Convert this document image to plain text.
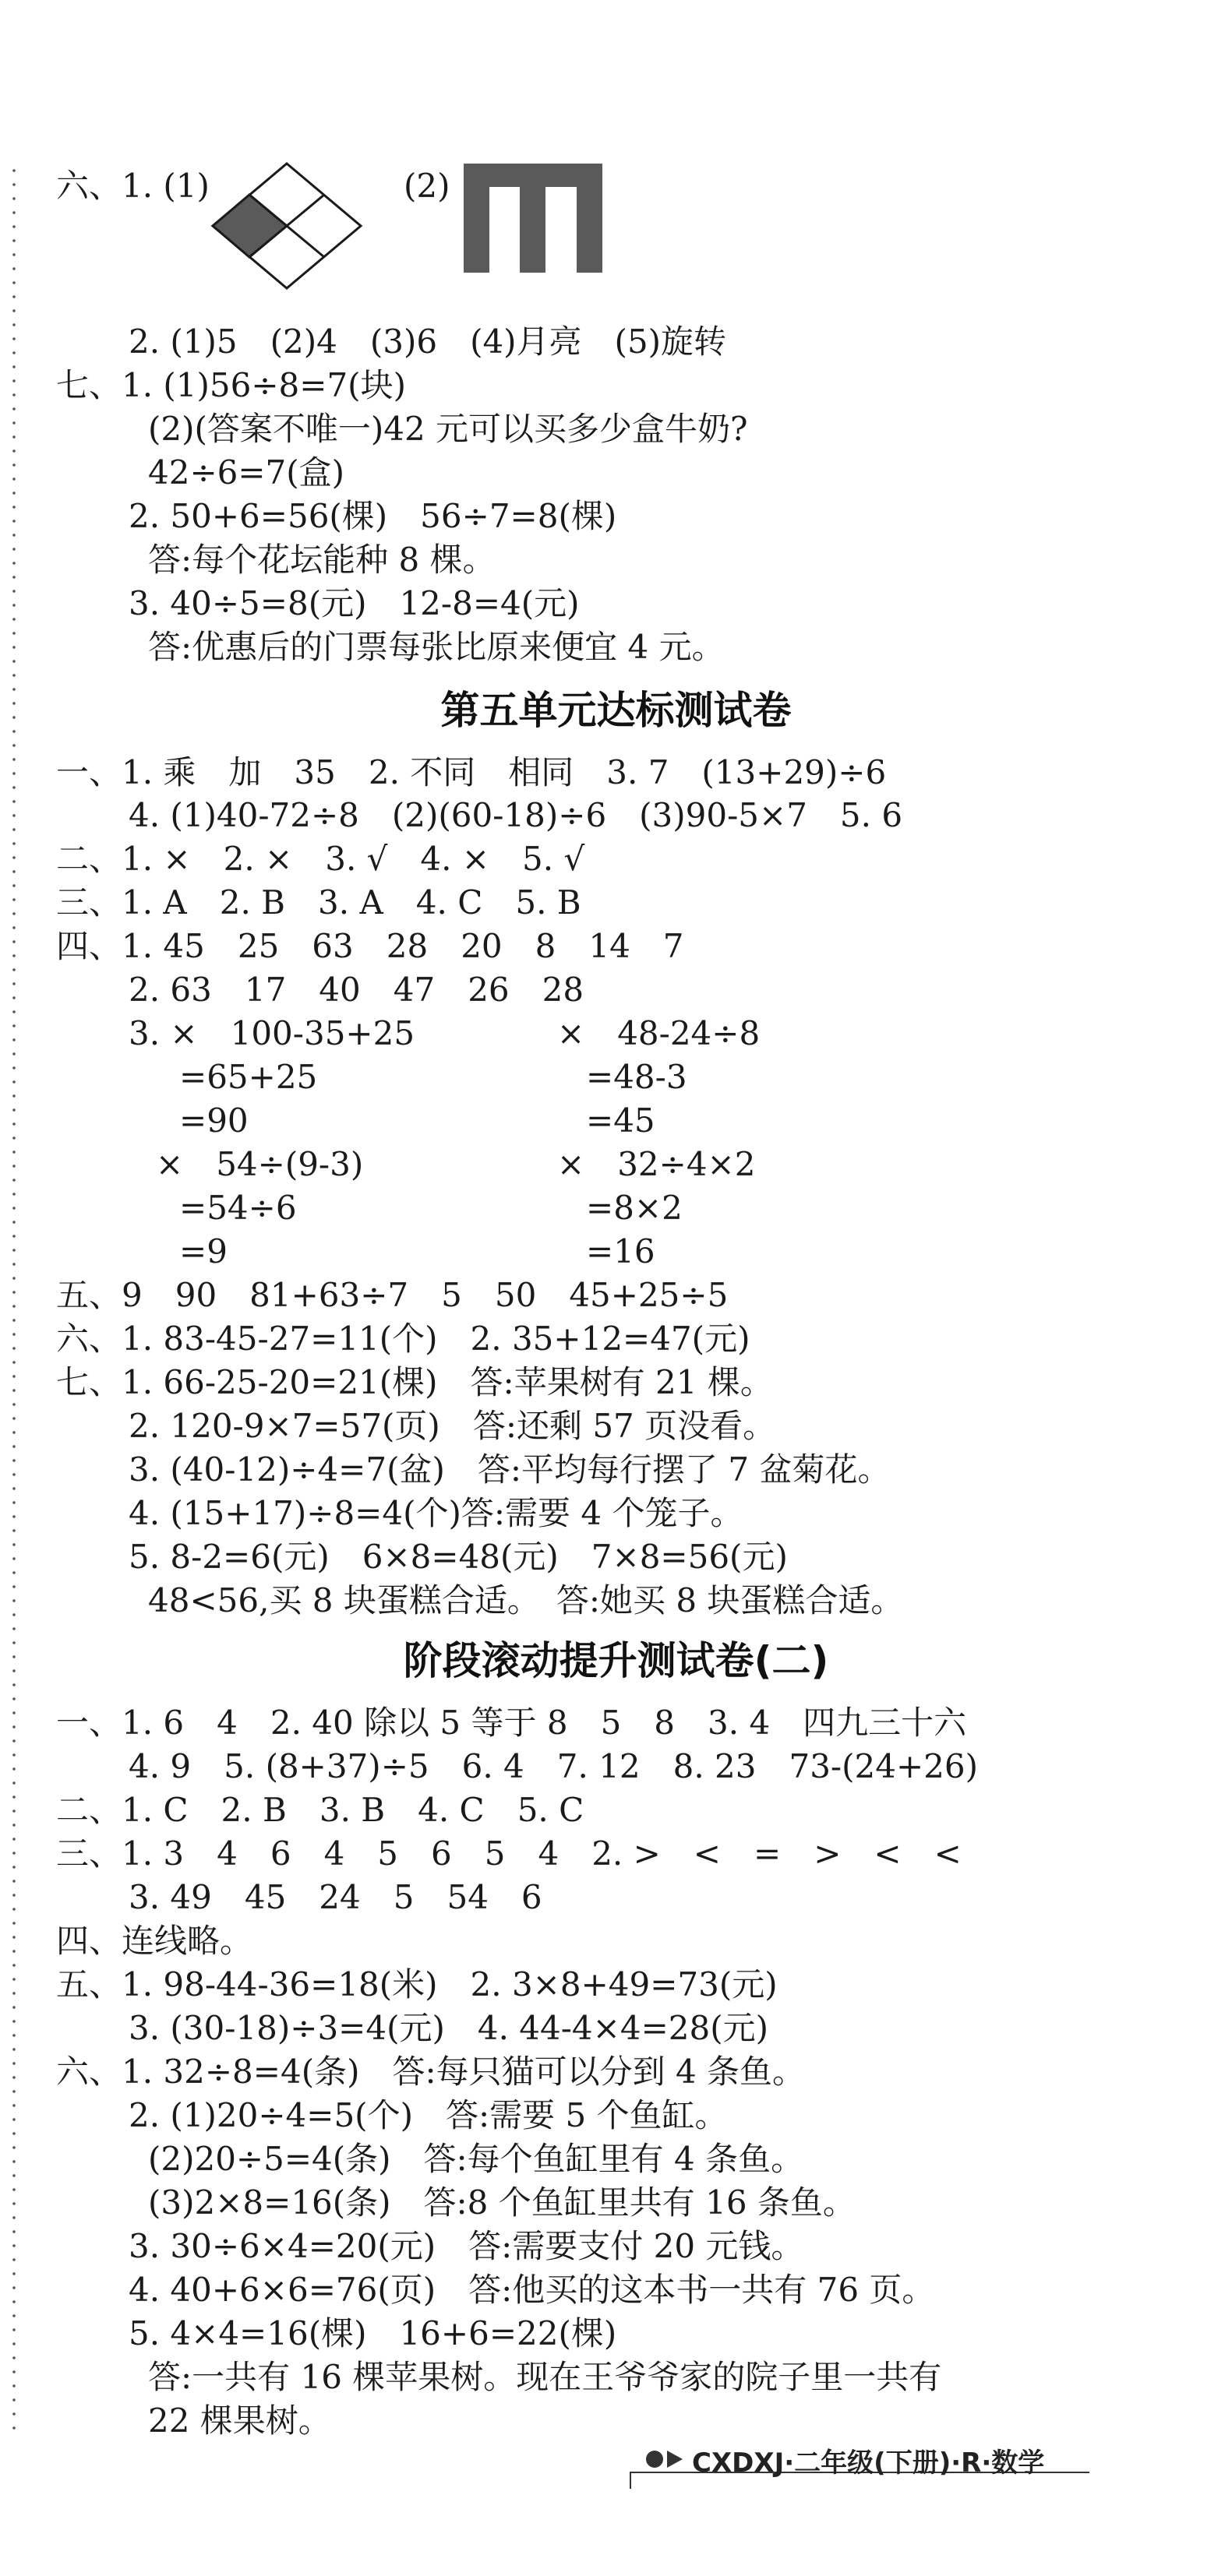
六、1. (1)	(2)
2. (1)5　(2)4　(3)6　(4)月亮　(5)旋转
七、1. (1)56÷8=7(块)
(2)(答案不唯一)42 元可以买多少盒牛奶?
42÷6=7(盒)
2. 50+6=56(棵)　56÷7=8(棵)
答:每个花坛能种 8 棵。
3. 40÷5=8(元)　12-8=4(元)
答:优惠后的门票每张比原来便宜 4 元。
第五单元达标测试卷
一、1. 乘　加　35　2. 不同　相同　3. 7　(13+29)÷6
4. (1)40-72÷8　(2)(60-18)÷6　(3)90-5×7　5. 6
二、1. ×　2. ×　3. √　4. ×　5. √
三、1. A　2. B　3. A　4. C　5. B
四、1. 45　25　63　28　20　8　14　7
2. 63　17　40　47　26　28
3. ×　100-35+25	×　48-24÷8
=65+25	=48-3
=90	=45
×　54÷(9-3)	×　32÷4×2
=54÷6	=8×2
=9	=16
五、9　90　81+63÷7　5　50　45+25÷5
六、1. 83-45-27=11(个)　2. 35+12=47(元)
七、1. 66-25-20=21(棵)　答:苹果树有 21 棵。
2. 120-9×7=57(页)　答:还剩 57 页没看。
3. (40-12)÷4=7(盆)　答:平均每行摆了 7 盆菊花。
4. (15+17)÷8=4(个)答:需要 4 个笼子。
5. 8-2=6(元)　6×8=48(元)　7×8=56(元)
48<56,买 8 块蛋糕合适。　答:她买 8 块蛋糕合适。
阶段滚动提升测试卷(二)
一、1. 6　4　2. 40 除以 5 等于 8　5　8　3. 4　四九三十六
4. 9　5. (8+37)÷5　6. 4　7. 12　8. 23　73-(24+26)
二、1. C　2. B　3. B　4. C　5. C
三、1. 3　4　6　4　5　6　5　4　2. >　<　=　>　<　<
3. 49　45　24　5　54　6
四、连线略。
五、1. 98-44-36=18(米)　2. 3×8+49=73(元)
3. (30-18)÷3=4(元)　4. 44-4×4=28(元)
六、1. 32÷8=4(条)　答:每只猫可以分到 4 条鱼。
2. (1)20÷4=5(个)　答:需要 5 个鱼缸。
(2)20÷5=4(条)　答:每个鱼缸里有 4 条鱼。
(3)2×8=16(条)　答:8 个鱼缸里共有 16 条鱼。
3. 30÷6×4=20(元)　答:需要支付 20 元钱。
4. 40+6×6=76(页)　答:他买的这本书一共有 76 页。
5. 4×4=16(棵)　16+6=22(棵)
答:一共有 16 棵苹果树。现在王爷爷家的院子里一共有
22 棵果树。
CXDXJ·二年级(下册)·R·数学
